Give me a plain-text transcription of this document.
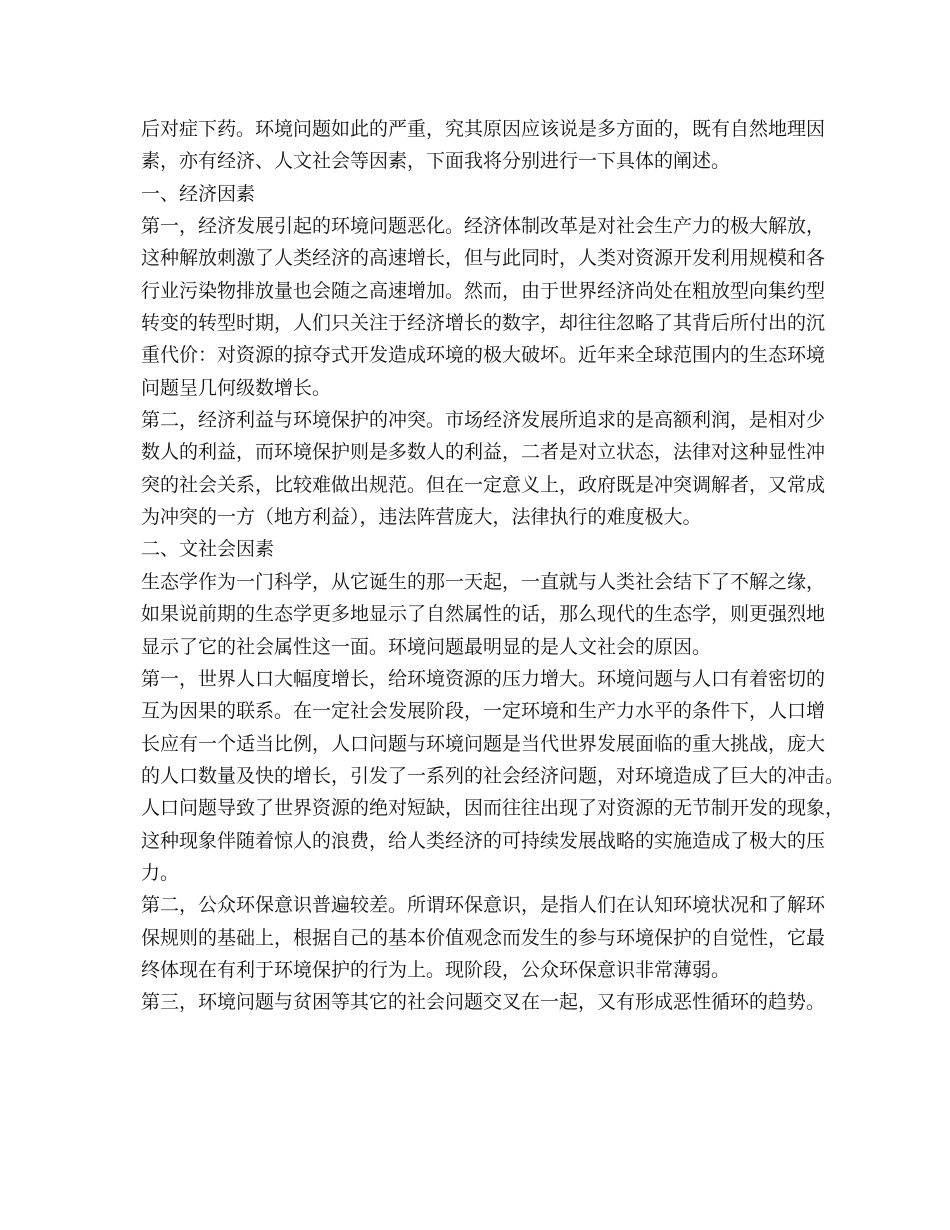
后对症下药。环境问题如此的严重，究其原因应该说是多方面的，既有自然地理因
素，亦有经济、人文社会等因素，下面我将分别进行一下具体的阐述。
一、经济因素
第一，经济发展引起的环境问题恶化。经济体制改革是对社会生产力的极大解放，
这种解放刺激了人类经济的高速增长，但与此同时，人类对资源开发利用规模和各
行业污染物排放量也会随之高速增加。然而，由于世界经济尚处在粗放型向集约型
转变的转型时期，人们只关注于经济增长的数字，却往往忽略了其背后所付出的沉
重代价：对资源的掠夺式开发造成环境的极大破坏。近年来全球范围内的生态环境
问题呈几何级数增长。
第二，经济利益与环境保护的冲突。市场经济发展所追求的是高额利润，是相对少
数人的利益，而环境保护则是多数人的利益，二者是对立状态，法律对这种显性冲
突的社会关系，比较难做出规范。但在一定意义上，政府既是冲突调解者，又常成
为冲突的一方（地方利益），违法阵营庞大，法律执行的难度极大。
二、文社会因素
生态学作为一门科学，从它诞生的那一天起，一直就与人类社会结下了不解之缘，
如果说前期的生态学更多地显示了自然属性的话，那么现代的生态学，则更强烈地
显示了它的社会属性这一面。环境问题最明显的是人文社会的原因。
第一，世界人口大幅度增长，给环境资源的压力增大。环境问题与人口有着密切的
互为因果的联系。在一定社会发展阶段，一定环境和生产力水平的条件下，人口增
长应有一个适当比例，人口问题与环境问题是当代世界发展面临的重大挑战，庞大
的人口数量及快的增长，引发了一系列的社会经济问题，对环境造成了巨大的冲击。
人口问题导致了世界资源的绝对短缺，因而往往出现了对资源的无节制开发的现象，
这种现象伴随着惊人的浪费，给人类经济的可持续发展战略的实施造成了极大的压
力。
第二，公众环保意识普遍较差。所谓环保意识，是指人们在认知环境状况和了解环
保规则的基础上，根据自己的基本价值观念而发生的参与环境保护的自觉性，它最
终体现在有利于环境保护的行为上。现阶段，公众环保意识非常薄弱。
第三，环境问题与贫困等其它的社会问题交叉在一起，又有形成恶性循环的趋势。
